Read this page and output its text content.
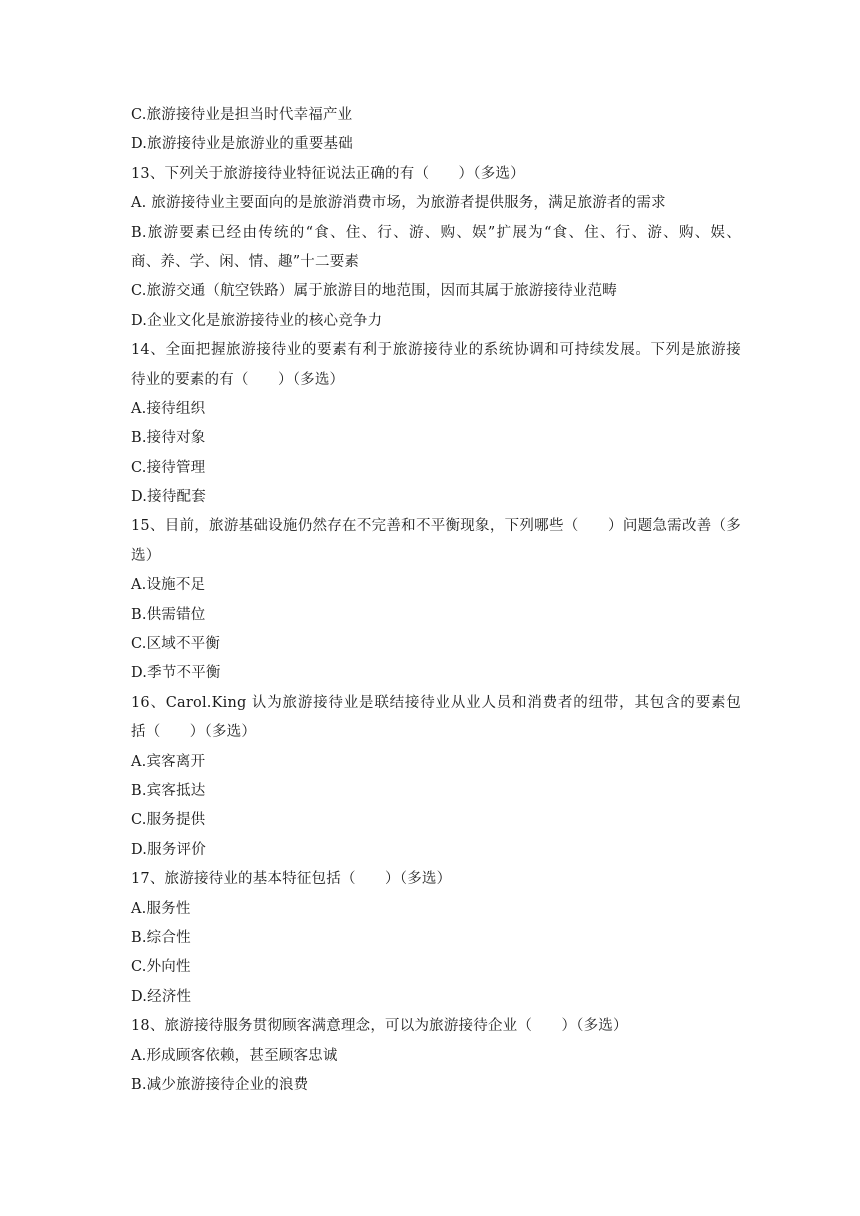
C.旅游接待业是担当时代幸福产业
D.旅游接待业是旅游业的重要基础
13、下列关于旅游接待业特征说法正确的有（　　）（多选）
A. 旅游接待业主要面向的是旅游消费市场，为旅游者提供服务，满足旅游者的需求
B.旅游要素已经由传统的“食、住、行、游、购、娱”扩展为“食、住、行、游、购、娱、
商、养、学、闲、情、趣”十二要素
C.旅游交通（航空铁路）属于旅游目的地范围，因而其属于旅游接待业范畴
D.企业文化是旅游接待业的核心竞争力
14、全面把握旅游接待业的要素有利于旅游接待业的系统协调和可持续发展。下列是旅游接
待业的要素的有（　　）（多选）
A.接待组织
B.接待对象
C.接待管理
D.接待配套
15、目前，旅游基础设施仍然存在不完善和不平衡现象，下列哪些（　　）问题急需改善（多
选）
A.设施不足
B.供需错位
C.区域不平衡
D.季节不平衡
16、Carol.King 认为旅游接待业是联结接待业从业人员和消费者的纽带，其包含的要素包
括（　　）（多选）
A.宾客离开
B.宾客抵达
C.服务提供
D.服务评价
17、旅游接待业的基本特征包括（　　）（多选）
A.服务性
B.综合性
C.外向性
D.经济性
18、旅游接待服务贯彻顾客满意理念，可以为旅游接待企业（　　）（多选）
A.形成顾客依赖，甚至顾客忠诚
B.减少旅游接待企业的浪费
